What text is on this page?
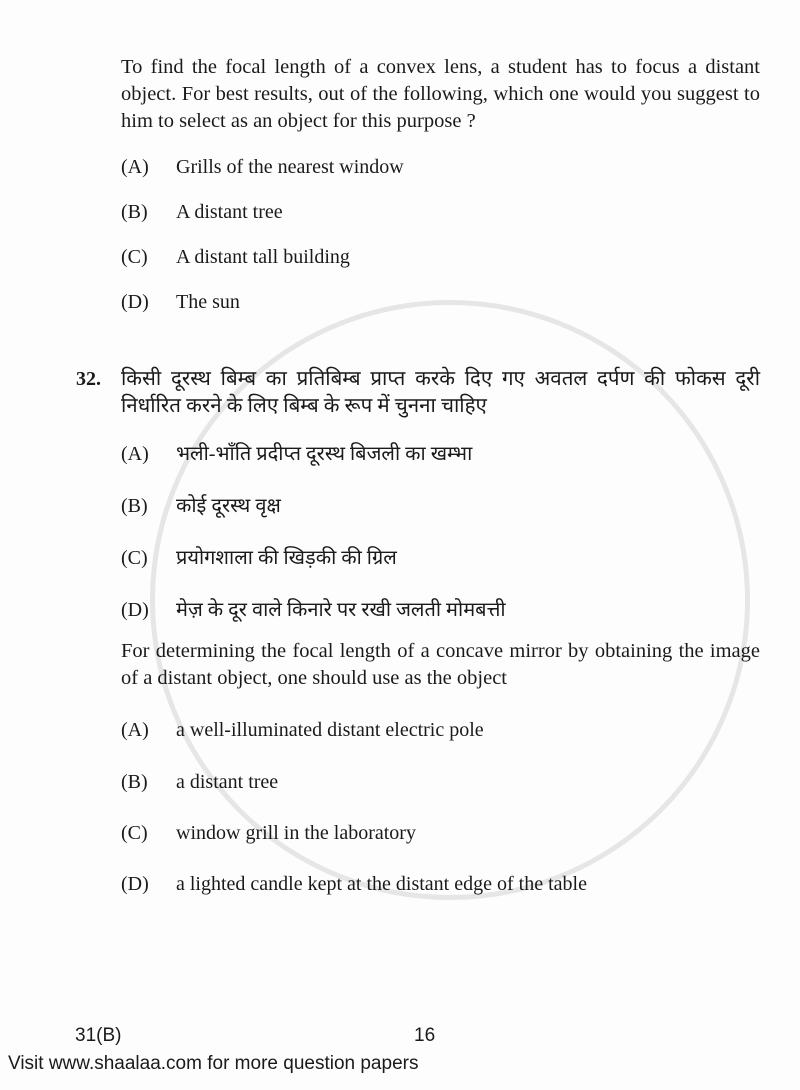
To find the focal length of a convex lens, a student has to focus a distant object. For best results, out of the following, which one would you suggest to him to select as an object for this purpose ?
(A)	Grills of the nearest window
(B)	A distant tree
(C)	A distant tall building
(D)	The sun
32. किसी दूरस्थ बिम्ब का प्रतिबिम्ब प्राप्त करके दिए गए अवतल दर्पण की फोकस दूरी निर्धारित करने के लिए बिम्ब के रूप में चुनना चाहिए
(A)	भली-भाँति प्रदीप्त दूरस्थ बिजली का खम्भा
(B)	कोई दूरस्थ वृक्ष
(C)	प्रयोगशाला की खिड़की की ग्रिल
(D)	मेज़ के दूर वाले किनारे पर रखी जलती मोमबत्ती
For determining the focal length of a concave mirror by obtaining the image of a distant object, one should use as the object
(A)	a well-illuminated distant electric pole
(B)	a distant tree
(C)	window grill in the laboratory
(D)	a lighted candle kept at the distant edge of the table
31(B)	16
Visit www.shaalaa.com for more question papers
